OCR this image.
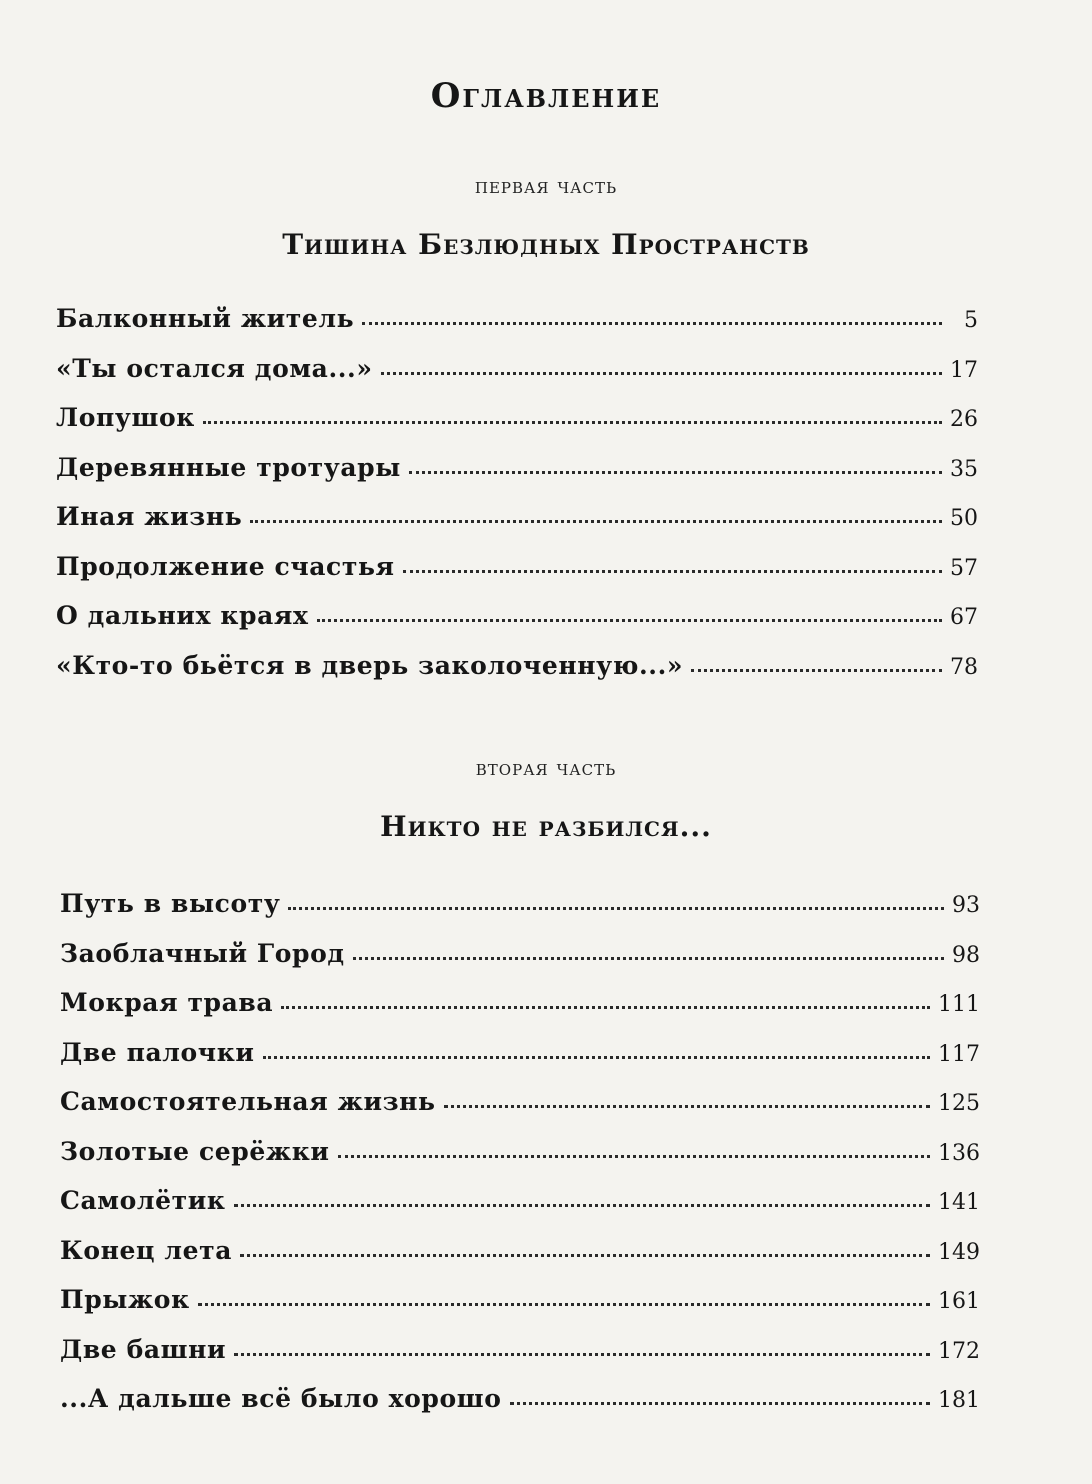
Оглавление
первая часть
Тишина Безлюдных Пространств
Балконный житель	5
«Ты остался дома...»	17
Лопушок	26
Деревянные тротуары	35
Иная жизнь	50
Продолжение счастья	57
О дальних краях	67
«Кто-то бьётся в дверь заколоченную...»	78
вторая часть
Никто не разбился...
Путь в высоту	93
Заоблачный Город	98
Мокрая трава	111
Две палочки	117
Самостоятельная жизнь	125
Золотые серёжки	136
Самолётик	141
Конец лета	149
Прыжок	161
Две башни	172
...А дальше всё было хорошо	181
